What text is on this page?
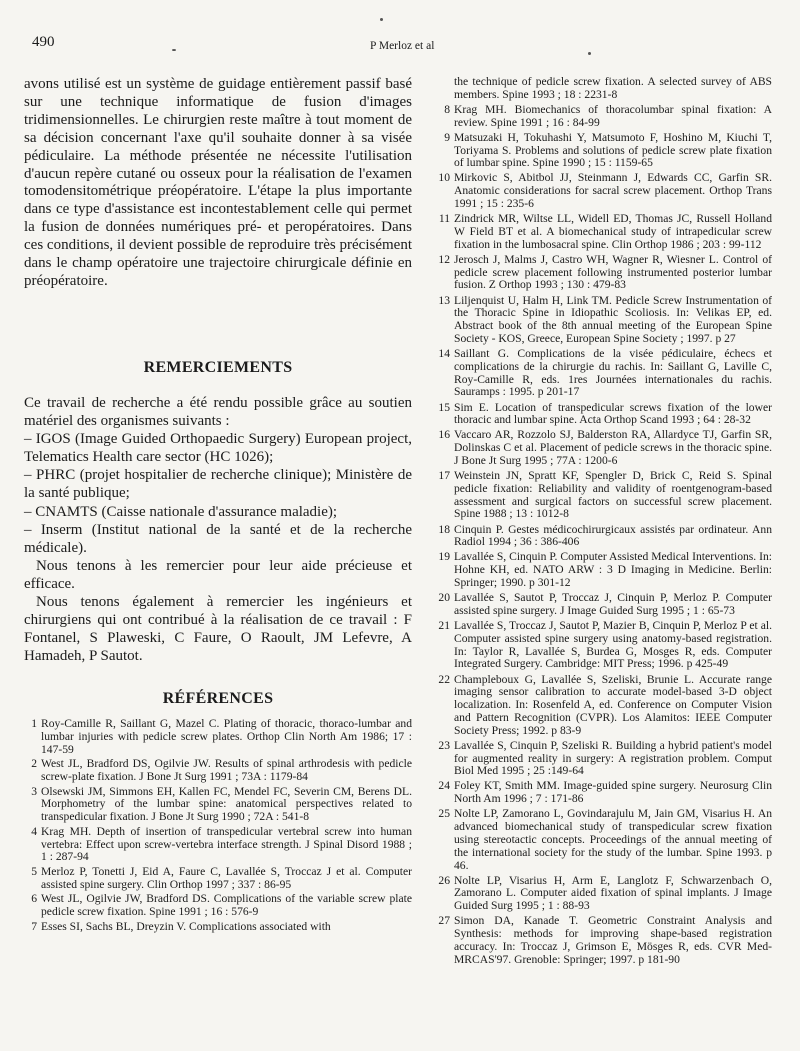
490	P Merloz et al

avons utilisé est un système de guidage entièrement passif basé sur une technique informatique de fusion d'images tridimensionnelles. Le chirurgien reste maître à tout moment de sa décision concernant l'axe qu'il souhaite donner à sa visée pédiculaire. La méthode présentée ne nécessite l'utilisation d'aucun repère cutané ou osseux pour la réalisation de l'examen tomodensitométrique préopératoire. L'étape la plus importante dans ce type d'assistance est incontestablement celle qui permet la fusion de données numériques pré- et peropératoires. Dans ces conditions, il devient possible de reproduire très précisément dans le champ opératoire une trajectoire chirurgicale définie en préopératoire.

REMERCIEMENTS

Ce travail de recherche a été rendu possible grâce au soutien matériel des organismes suivants :

– IGOS (Image Guided Orthopaedic Surgery) European project, Telematics Health care sector (HC 1026);

– PHRC (projet hospitalier de recherche clinique); Ministère de la santé publique;

– CNAMTS (Caisse nationale d'assurance maladie);

– Inserm (Institut national de la santé et de la recherche médicale).

Nous tenons à les remercier pour leur aide précieuse et efficace.

Nous tenons également à remercier les ingénieurs et chirurgiens qui ont contribué à la réalisation de ce travail : F Fontanel, S Plaweski, C Faure, O Raoult, JM Lefevre, A Hamadeh, P Sautot.

RÉFÉRENCES
1 Roy-Camille R, Saillant G, Mazel C. Plating of thoracic, thoraco-lumbar and lumbar injuries with pedicle screw plates. Orthop Clin North Am 1986; 17 : 147-59
2 West JL, Bradford DS, Ogilvie JW. Results of spinal arthrodesis with pedicle screw-plate fixation. J Bone Jt Surg 1991 ; 73A : 1179-84
3 Olsewski JM, Simmons EH, Kallen FC, Mendel FC, Severin CM, Berens DL. Morphometry of the lumbar spine: anatomical perspectives related to transpedicular fixation. J Bone Jt Surg 1990 ; 72A : 541-8
4 Krag MH. Depth of insertion of transpedicular vertebral screw into human vertebra: Effect upon screw-vertebra interface strength. J Spinal Disord 1988 ; 1 : 287-94
5 Merloz P, Tonetti J, Eid A, Faure C, Lavallée S, Troccaz J et al. Computer assisted spine surgery. Clin Orthop 1997 ; 337 : 86-95
6 West JL, Ogilvie JW, Bradford DS. Complications of the variable screw plate pedicle screw fixation. Spine 1991 ; 16 : 576-9
7 Esses SI, Sachs BL, Dreyzin V. Complications associated with
the technique of pedicle screw fixation. A selected survey of ABS members. Spine 1993 ; 18 : 2231-8
8 Krag MH. Biomechanics of thoracolumbar spinal fixation: A review. Spine 1991 ; 16 : 84-99
9 Matsuzaki H, Tokuhashi Y, Matsumoto F, Hoshino M, Kiuchi T, Toriyama S. Problems and solutions of pedicle screw plate fixation of lumbar spine. Spine 1990 ; 15 : 1159-65
10 Mirkovic S, Abitbol JJ, Steinmann J, Edwards CC, Garfin SR. Anatomic considerations for sacral screw placement. Orthop Trans 1991 ; 15 : 235-6
11 Zindrick MR, Wiltse LL, Widell ED, Thomas JC, Russell Holland W Field BT et al. A biomechanical study of intrapedicular screw fixation in the lumbosacral spine. Clin Orthop 1986 ; 203 : 99-112
12 Jerosch J, Malms J, Castro WH, Wagner R, Wiesner L. Control of pedicle screw placement following instrumented posterior lumbar fusion. Z Orthop 1993 ; 130 : 479-83
13 Liljenquist U, Halm H, Link TM. Pedicle Screw Instrumentation of the Thoracic Spine in Idiopathic Scoliosis. In: Velikas EP, ed. Abstract book of the 8th annual meeting of the European Spine Society - KOS, Greece, European Spine Society ; 1997. p 27
14 Saillant G. Complications de la visée pédiculaire, échecs et complications de la chirurgie du rachis. In: Saillant G, Laville C, Roy-Camille R, eds. 1res Journées internationales du rachis. Sauramps : 1995. p 201-17
15 Sim E. Location of transpedicular screws fixation of the lower thoracic and lumbar spine. Acta Orthop Scand 1993 ; 64 : 28-32
16 Vaccaro AR, Rozzolo SJ, Balderston RA, Allardyce TJ, Garfin SR, Dolinskas C et al. Placement of pedicle screws in the thoracic spine. J Bone Jt Surg 1995 ; 77A : 1200-6
17 Weinstein JN, Spratt KF, Spengler D, Brick C, Reid S. Spinal pedicle fixation: Reliability and validity of roentgenogram-based assessment and surgical factors on successful screw placement. Spine 1988 ; 13 : 1012-8
18 Cinquin P. Gestes médicochirurgicaux assistés par ordinateur. Ann Radiol 1994 ; 36 : 386-406
19 Lavallée S, Cinquin P. Computer Assisted Medical Interventions. In: Hohne KH, ed. NATO ARW : 3 D Imaging in Medicine. Berlin: Springer; 1990. p 301-12
20 Lavallée S, Sautot P, Troccaz J, Cinquin P, Merloz P. Computer assisted spine surgery. J Image Guided Surg 1995 ; 1 : 65-73
21 Lavallée S, Troccaz J, Sautot P, Mazier B, Cinquin P, Merloz P et al. Computer assisted spine surgery using anatomy-based registration. In: Taylor R, Lavallée S, Burdea G, Mosges R, eds. Computer Integrated Surgery. Cambridge: MIT Press; 1996. p 425-49
22 Champleboux G, Lavallée S, Szeliski, Brunie L. Accurate range imaging sensor calibration to accurate model-based 3-D object localization. In: Rosenfeld A, ed. Conference on Computer Vision and Pattern Recognition (CVPR). Los Alamitos: IEEE Computer Society Press; 1992. p 83-9
23 Lavallée S, Cinquin P, Szeliski R. Building a hybrid patient's model for augmented reality in surgery: A registration problem. Comput Biol Med 1995 ; 25 :149-64
24 Foley KT, Smith MM. Image-guided spine surgery. Neurosurg Clin North Am 1996 ; 7 : 171-86
25 Nolte LP, Zamorano L, Govindarajulu M, Jain GM, Visarius H. An advanced biomechanical study of transpedicular screw fixation using stereotactic concepts. Proceedings of the annual meeting of the international society for the study of the lumbar. Spine 1993. p 46.
26 Nolte LP, Visarius H, Arm E, Langlotz F, Schwarzenbach O, Zamorano L. Computer aided fixation of spinal implants. J Image Guided Surg 1995 ; 1 : 88-93
27 Simon DA, Kanade T. Geometric Constraint Analysis and Synthesis: methods for improving shape-based registration accuracy. In: Troccaz J, Grimson E, Mösges R, eds. CVR Med-MRCAS'97. Grenoble: Springer; 1997. p 181-90
